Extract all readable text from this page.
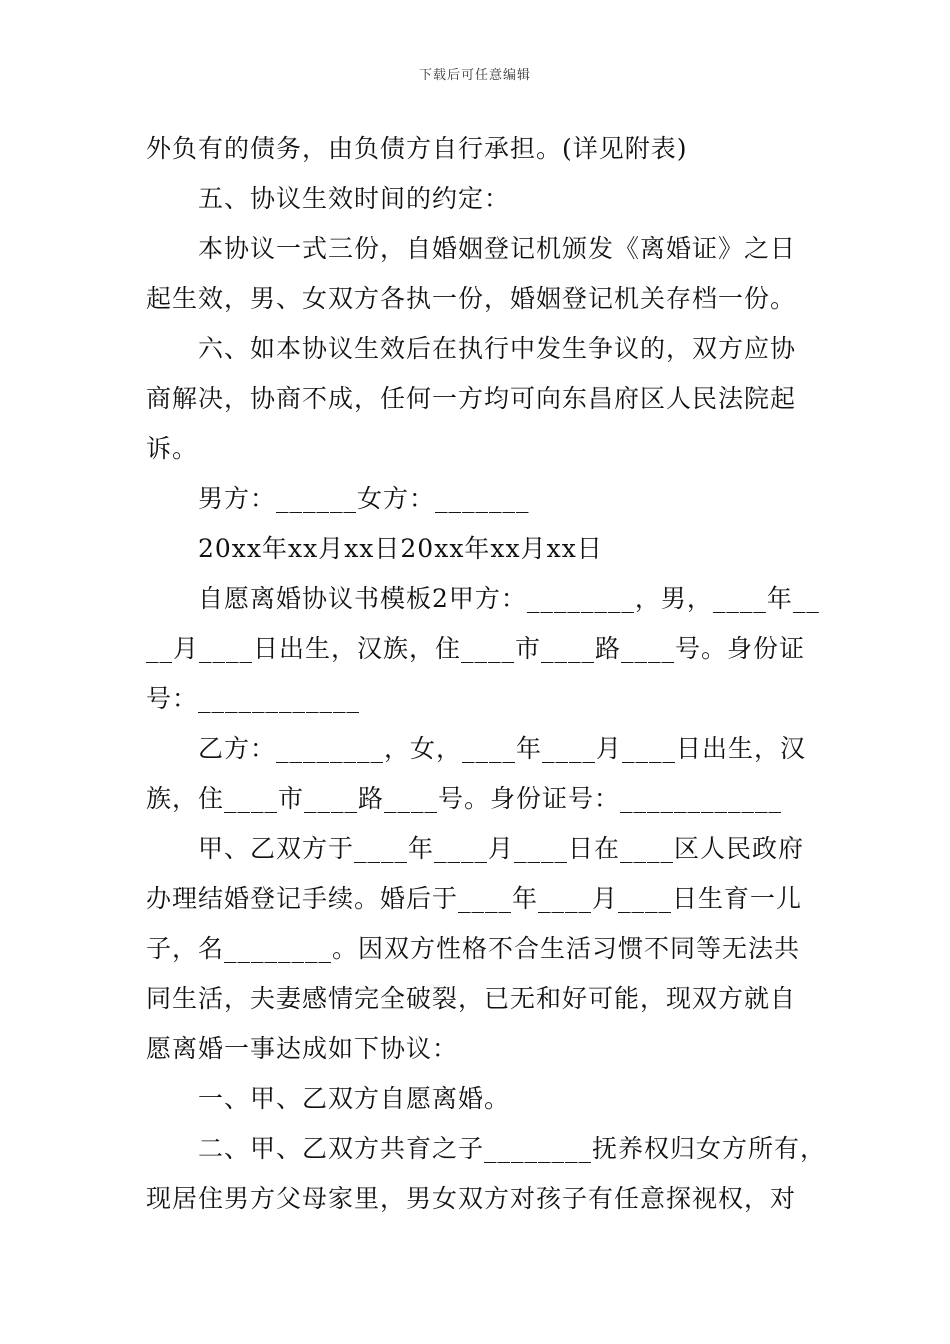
下载后可任意编辑
外负有的债务，由负债方自行承担。(详见附表)
五、协议生效时间的约定：
本协议一式三份，自婚姻登记机颁发《离婚证》之日
起生效，男、女双方各执一份，婚姻登记机关存档一份。
六、如本协议生效后在执行中发生争议的，双方应协
商解决，协商不成，任何一方均可向东昌府区人民法院起
诉。
男方：______女方：_______
20xx年xx月xx日20xx年xx月xx日
自愿离婚协议书模板2甲方：________，男，____年__
__月____日出生，汉族，住____市____路____号。身份证
号：____________
乙方：________，女，____年____月____日出生，汉
族，住____市____路____号。身份证号：____________
甲、乙双方于____年____月____日在____区人民政府
办理结婚登记手续。婚后于____年____月____日生育一儿
子，名________。因双方性格不合生活习惯不同等无法共
同生活，夫妻感情完全破裂，已无和好可能，现双方就自
愿离婚一事达成如下协议：
一、甲、乙双方自愿离婚。
二、甲、乙双方共育之子________抚养权归女方所有，
现居住男方父母家里，男女双方对孩子有任意探视权，对
